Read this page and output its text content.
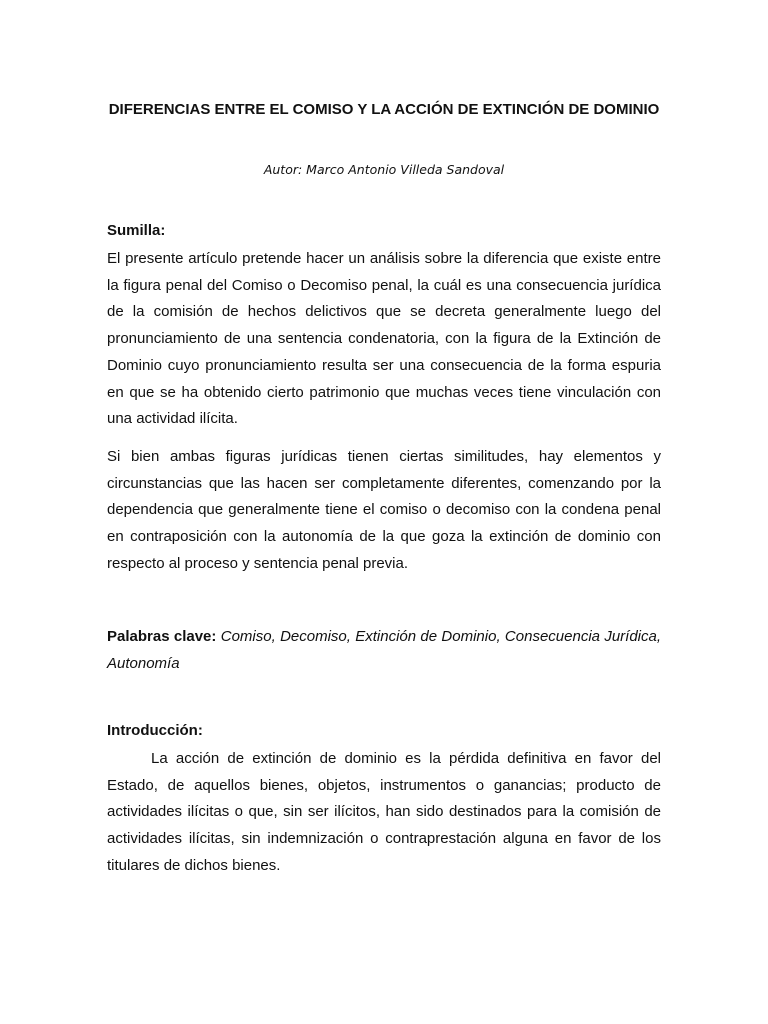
DIFERENCIAS ENTRE EL COMISO Y LA ACCIÓN DE EXTINCIÓN DE DOMINIO
Autor: Marco Antonio Villeda Sandoval
Sumilla:
El presente artículo pretende hacer un análisis sobre la diferencia que existe entre la figura penal del Comiso o Decomiso penal, la cuál es una consecuencia jurídica de la comisión de hechos delictivos que se decreta generalmente luego del pronunciamiento de una sentencia condenatoria, con la figura de la Extinción de Dominio cuyo pronunciamiento resulta ser una consecuencia de la forma espuria en que se ha obtenido cierto patrimonio que muchas veces tiene vinculación con una actividad ilícita.
Si bien ambas figuras jurídicas tienen ciertas similitudes, hay elementos y circunstancias que las hacen ser completamente diferentes, comenzando por la dependencia que generalmente tiene el comiso o decomiso con la condena penal en contraposición con la autonomía de la que goza la extinción de dominio con respecto al proceso y sentencia penal previa.
Palabras clave: Comiso, Decomiso, Extinción de Dominio, Consecuencia Jurídica, Autonomía
Introducción:
La acción de extinción de dominio es la pérdida definitiva en favor del Estado, de aquellos bienes, objetos, instrumentos o ganancias; producto de actividades ilícitas o que, sin ser ilícitos, han sido destinados para la comisión de actividades ilícitas, sin indemnización o contraprestación alguna en favor de los titulares de dichos bienes.
